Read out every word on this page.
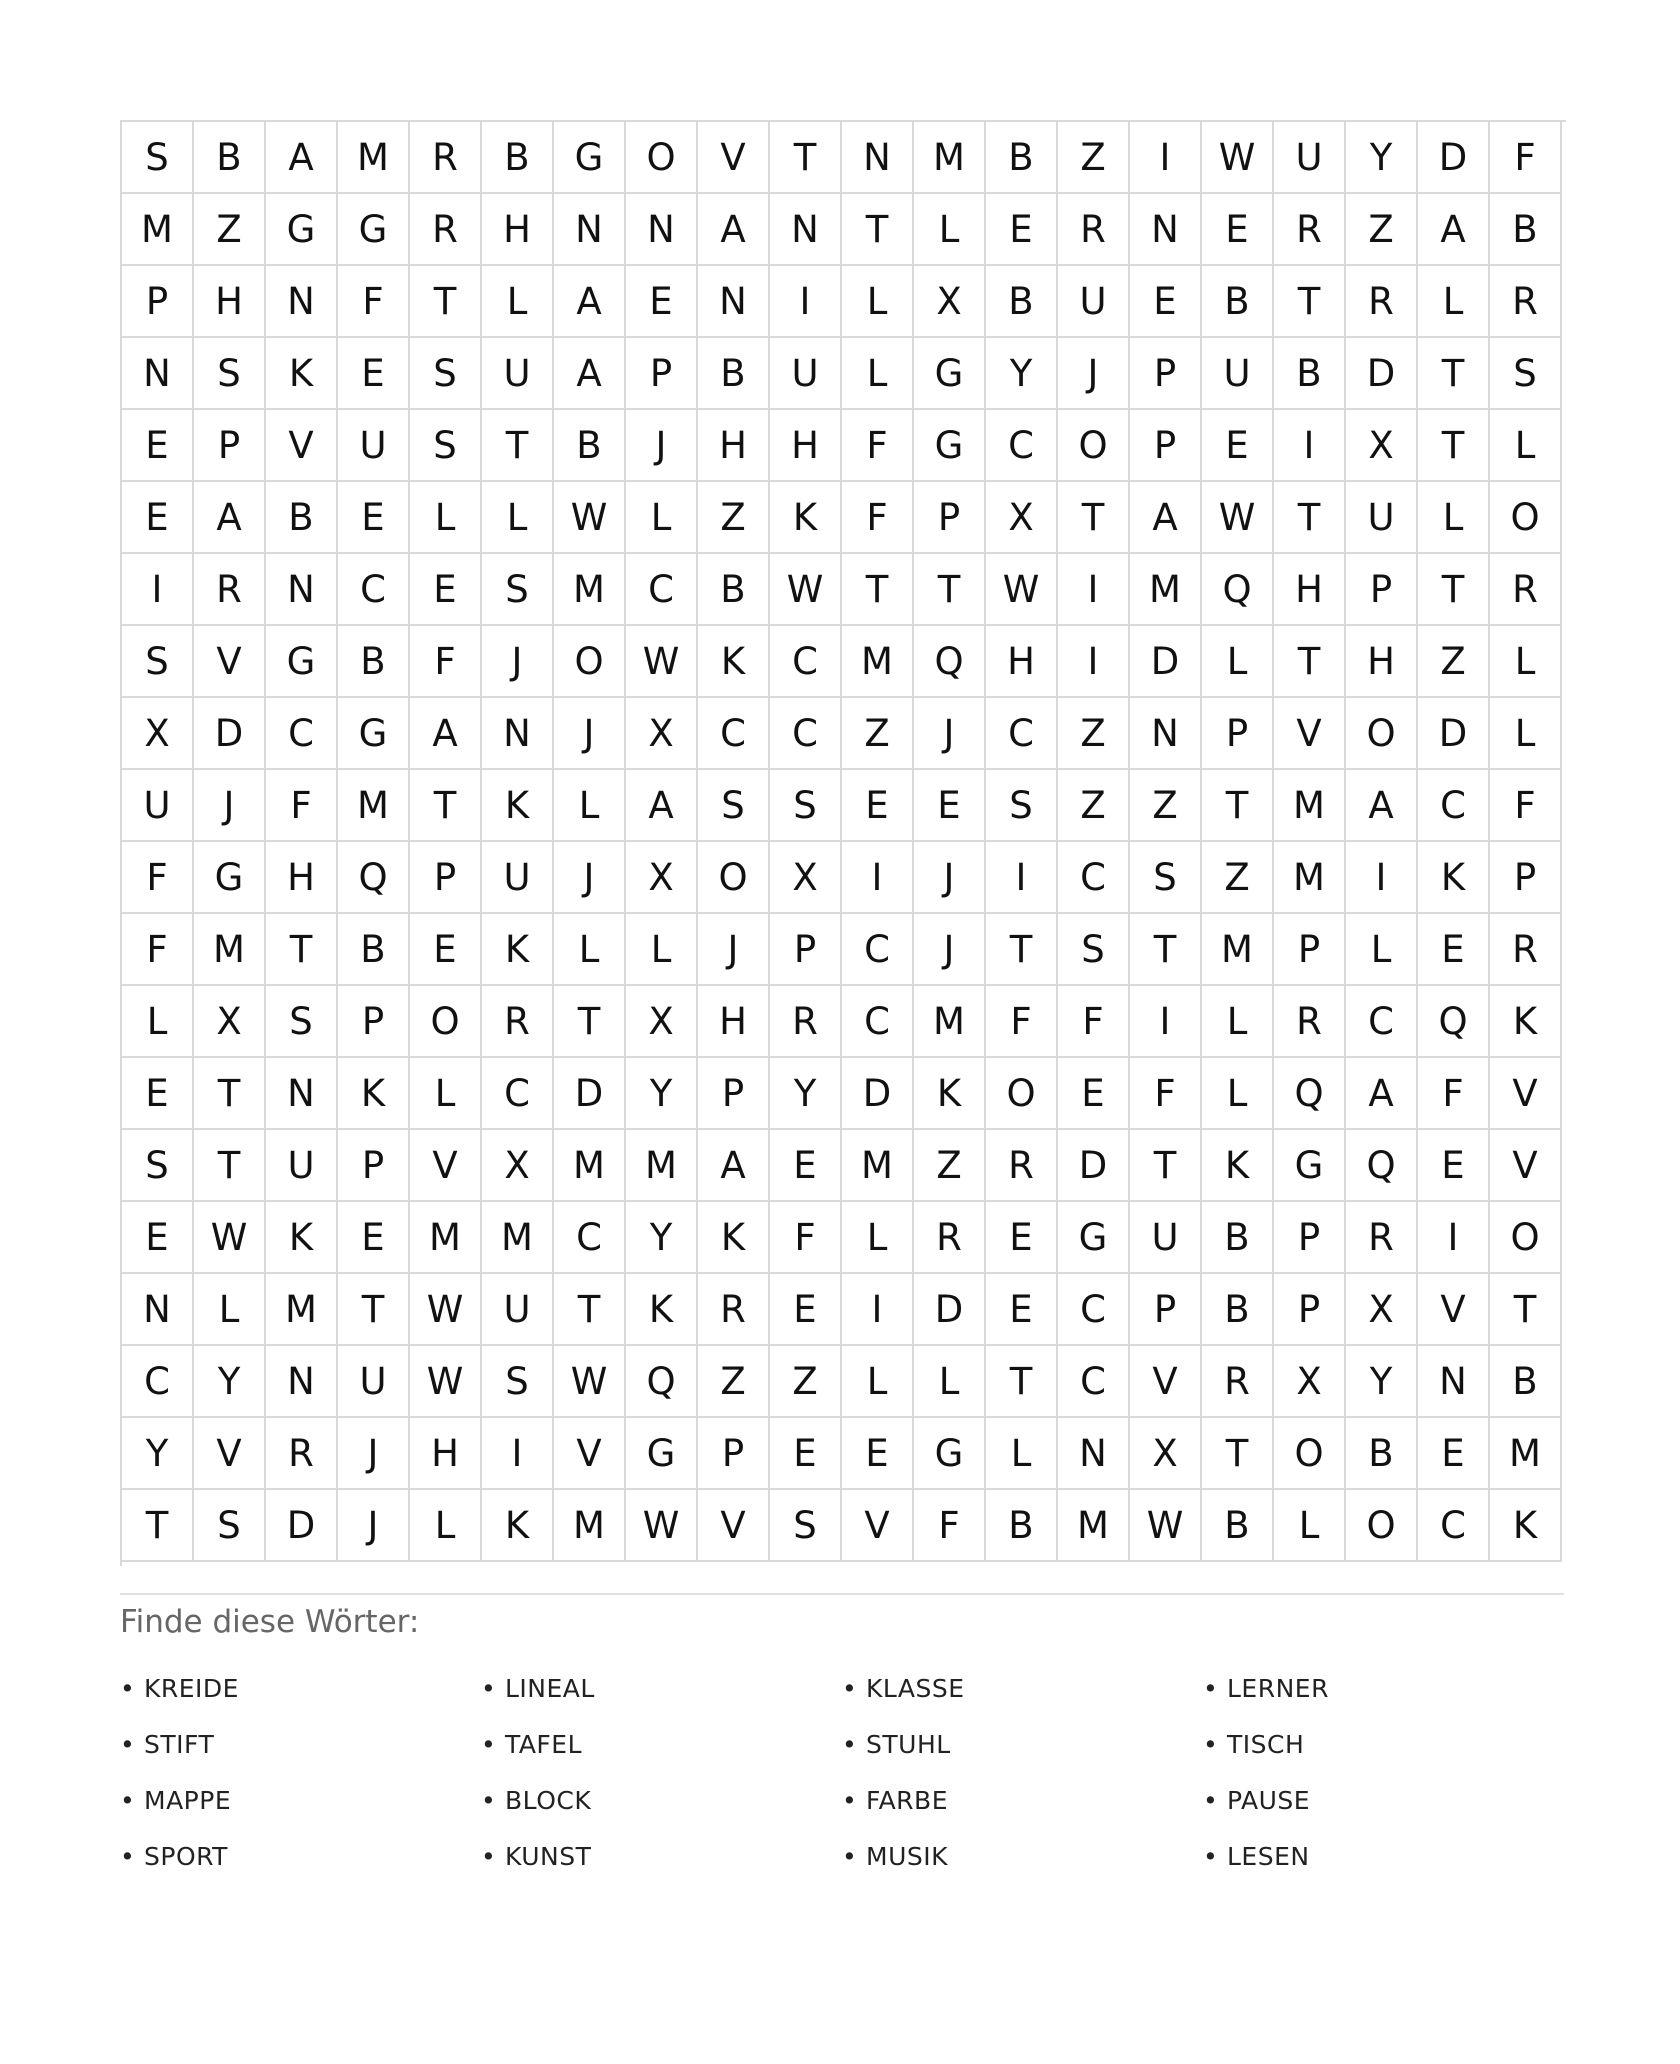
S	B	A	M	R	B	G	O	V	T	N	M	B	Z	I	W	U	Y	D	F
M	Z	G	G	R	H	N	N	A	N	T	L	E	R	N	E	R	Z	A	B
P	H	N	F	T	L	A	E	N	I	L	X	B	U	E	B	T	R	L	R
N	S	K	E	S	U	A	P	B	U	L	G	Y	J	P	U	B	D	T	S
E	P	V	U	S	T	B	J	H	H	F	G	C	O	P	E	I	X	T	L
E	A	B	E	L	L	W	L	Z	K	F	P	X	T	A	W	T	U	L	O
I	R	N	C	E	S	M	C	B	W	T	T	W	I	M	Q	H	P	T	R
S	V	G	B	F	J	O	W	K	C	M	Q	H	I	D	L	T	H	Z	L
X	D	C	G	A	N	J	X	C	C	Z	J	C	Z	N	P	V	O	D	L
U	J	F	M	T	K	L	A	S	S	E	E	S	Z	Z	T	M	A	C	F
F	G	H	Q	P	U	J	X	O	X	I	J	I	C	S	Z	M	I	K	P
F	M	T	B	E	K	L	L	J	P	C	J	T	S	T	M	P	L	E	R
L	X	S	P	O	R	T	X	H	R	C	M	F	F	I	L	R	C	Q	K
E	T	N	K	L	C	D	Y	P	Y	D	K	O	E	F	L	Q	A	F	V
S	T	U	P	V	X	M	M	A	E	M	Z	R	D	T	K	G	Q	E	V
E	W	K	E	M	M	C	Y	K	F	L	R	E	G	U	B	P	R	I	O
N	L	M	T	W	U	T	K	R	E	I	D	E	C	P	B	P	X	V	T
C	Y	N	U	W	S	W	Q	Z	Z	L	L	T	C	V	R	X	Y	N	B
Y	V	R	J	H	I	V	G	P	E	E	G	L	N	X	T	O	B	E	M
T	S	D	J	L	K	M	W	V	S	V	F	B	M	W	B	L	O	C	K
Finde diese Wörter:
• KREIDE	• LINEAL	• KLASSE	• LERNER
• STIFT	• TAFEL	• STUHL	• TISCH
• MAPPE	• BLOCK	• FARBE	• PAUSE
• SPORT	• KUNST	• MUSIK	• LESEN
